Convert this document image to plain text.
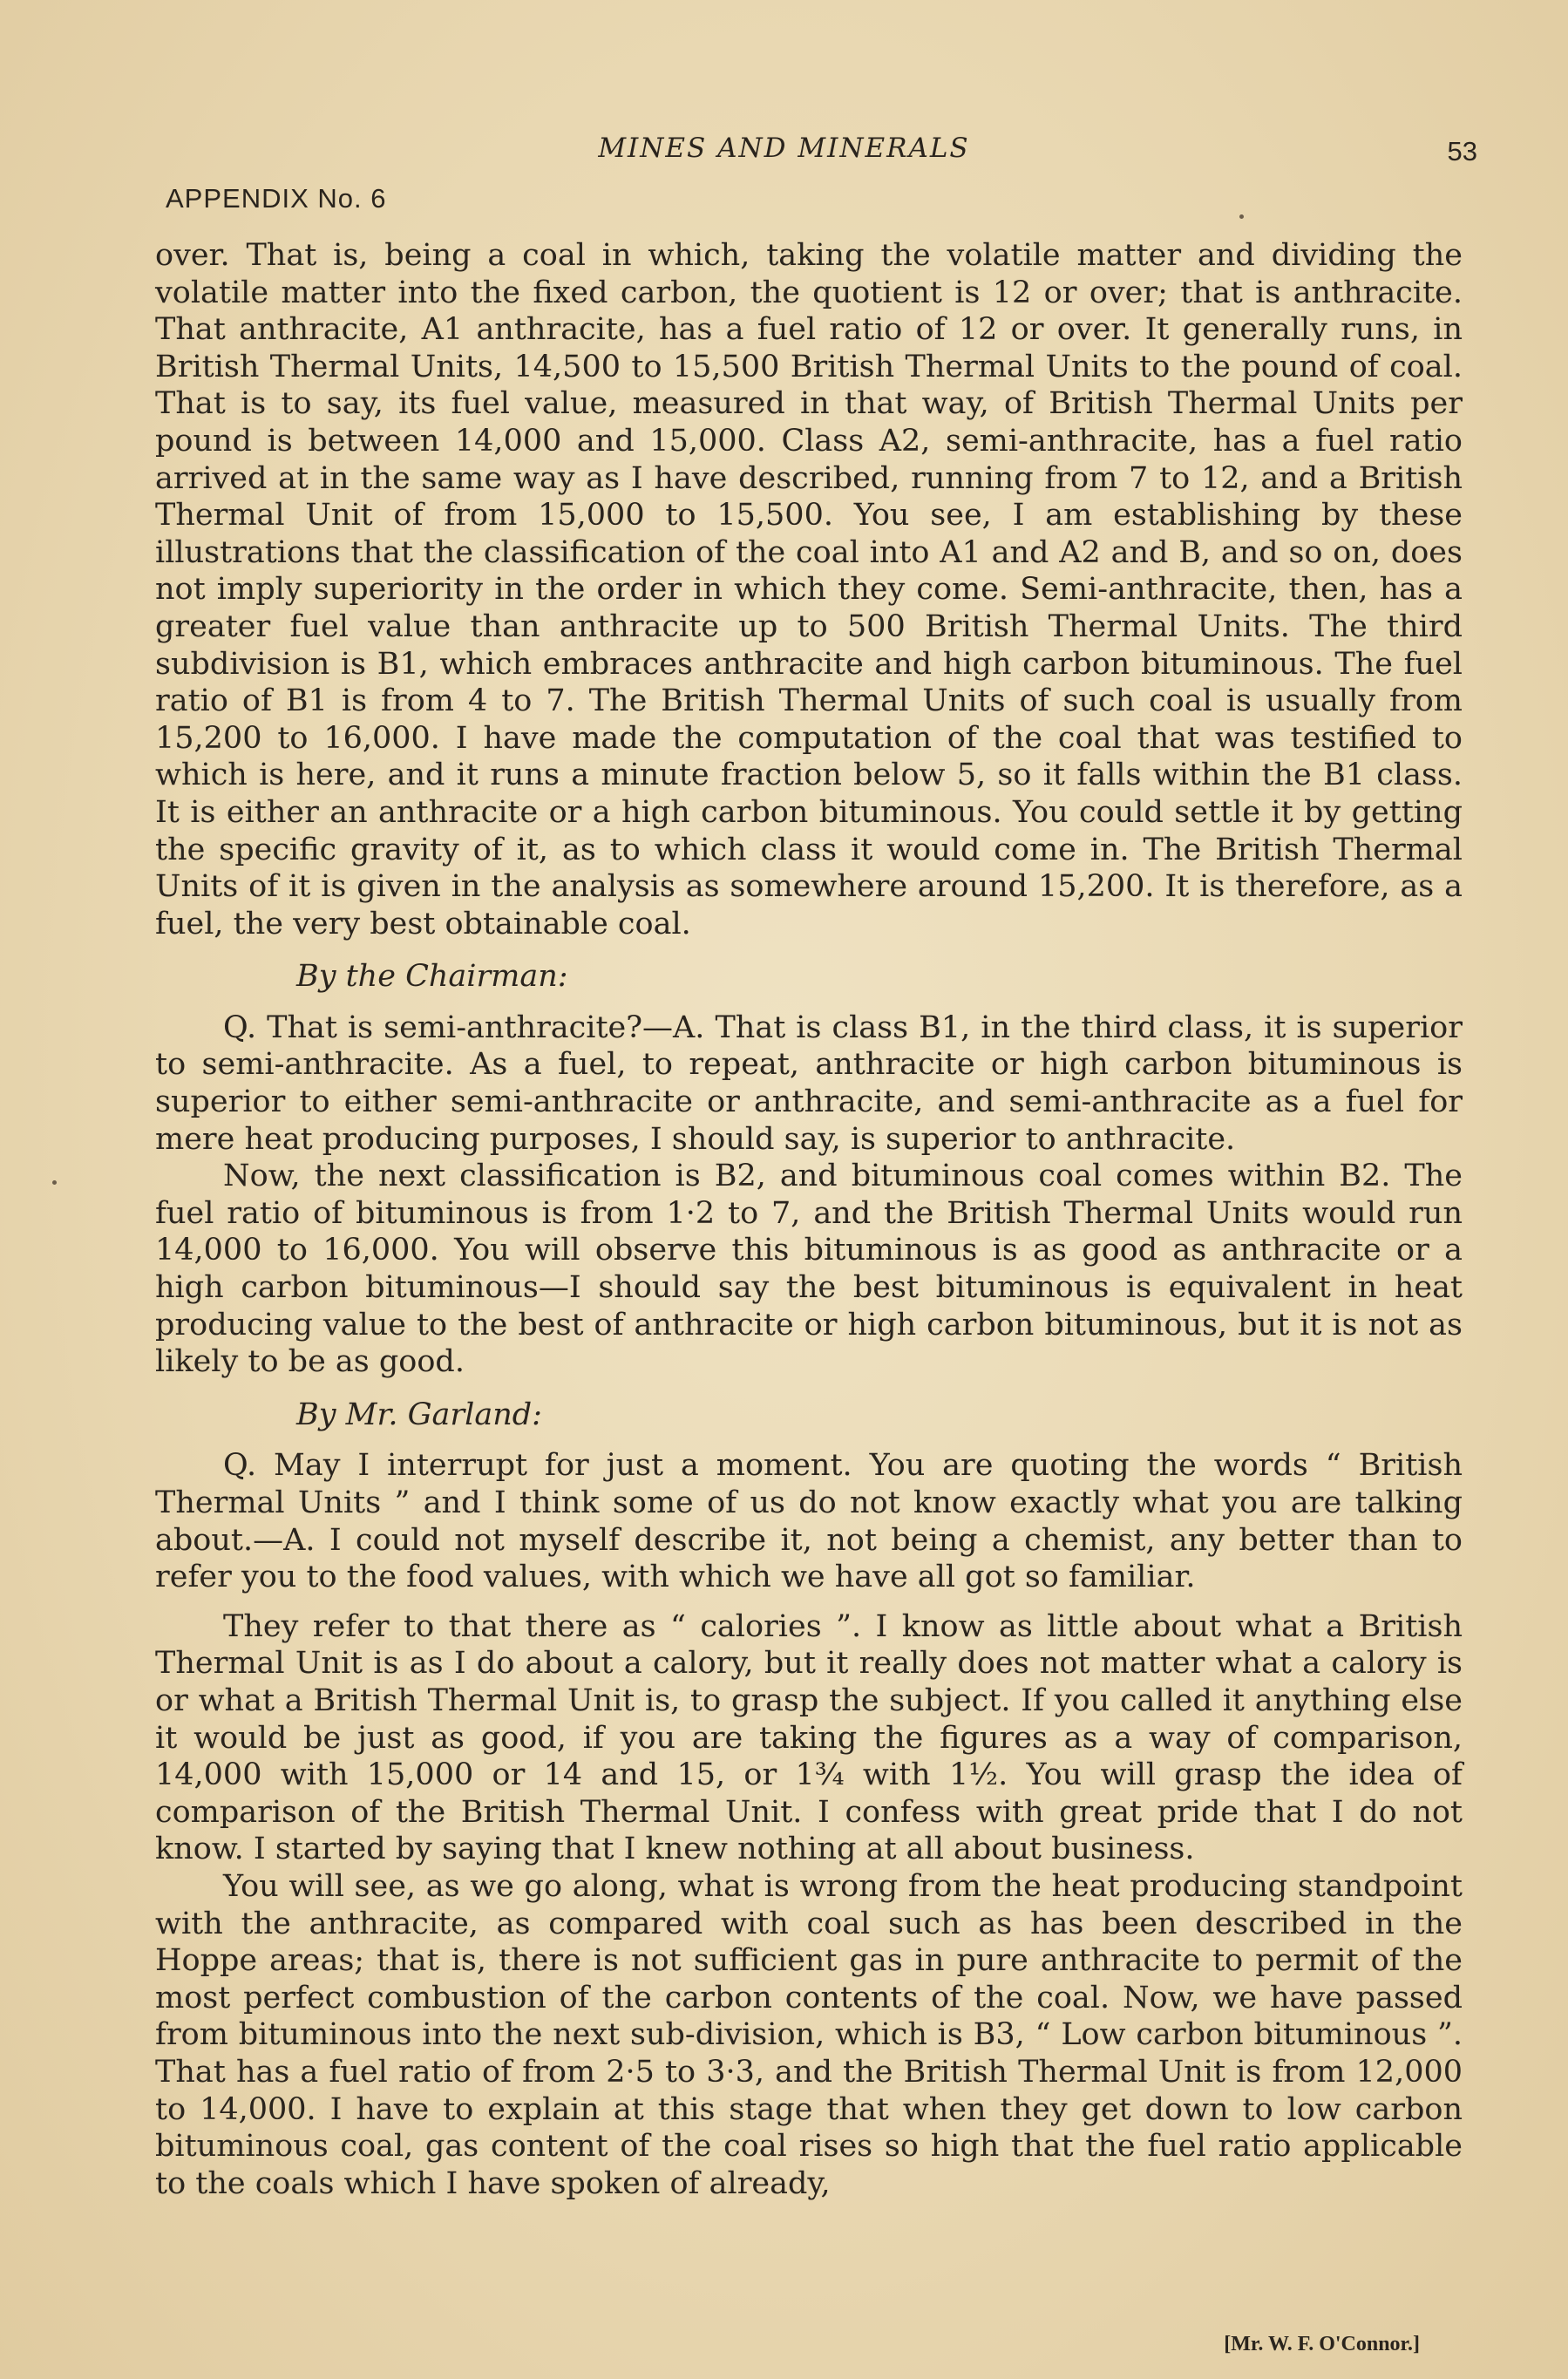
MINES AND MINERALS	53
APPENDIX No. 6

over. That is, being a coal in which, taking the volatile matter and dividing the volatile matter into the fixed carbon, the quotient is 12 or over; that is anthracite. That anthracite, A1 anthracite, has a fuel ratio of 12 or over. It generally runs, in British Thermal Units, 14,500 to 15,500 British Thermal Units to the pound of coal. That is to say, its fuel value, measured in that way, of British Thermal Units per pound is between 14,000 and 15,000. Class A2, semi-anthracite, has a fuel ratio arrived at in the same way as I have described, running from 7 to 12, and a British Thermal Unit of from 15,000 to 15,500. You see, I am establishing by these illustrations that the classification of the coal into A1 and A2 and B, and so on, does not imply superiority in the order in which they come. Semi-anthracite, then, has a greater fuel value than anthracite up to 500 British Thermal Units. The third subdivision is B1, which embraces anthracite and high carbon bituminous. The fuel ratio of B1 is from 4 to 7. The British Thermal Units of such coal is usually from 15,200 to 16,000. I have made the computation of the coal that was testified to which is here, and it runs a minute fraction below 5, so it falls within the B1 class. It is either an anthracite or a high carbon bituminous. You could settle it by getting the specific gravity of it, as to which class it would come in. The British Thermal Units of it is given in the analysis as somewhere around 15,200. It is therefore, as a fuel, the very best obtainable coal.

By the Chairman:

Q. That is semi-anthracite?—A. That is class B1, in the third class, it is superior to semi-anthracite. As a fuel, to repeat, anthracite or high carbon bituminous is superior to either semi-anthracite or anthracite, and semi-anthracite as a fuel for mere heat producing purposes, I should say, is superior to anthracite.

Now, the next classification is B2, and bituminous coal comes within B2. The fuel ratio of bituminous is from 1·2 to 7, and the British Thermal Units would run 14,000 to 16,000. You will observe this bituminous is as good as anthracite or a high carbon bituminous—I should say the best bituminous is equivalent in heat producing value to the best of anthracite or high carbon bituminous, but it is not as likely to be as good.

By Mr. Garland:

Q. May I interrupt for just a moment. You are quoting the words “ British Thermal Units ” and I think some of us do not know exactly what you are talking about.—A. I could not myself describe it, not being a chemist, any better than to refer you to the food values, with which we have all got so familiar.

They refer to that there as “ calories ”. I know as little about what a British Thermal Unit is as I do about a calory, but it really does not matter what a calory is or what a British Thermal Unit is, to grasp the subject. If you called it anything else it would be just as good, if you are taking the figures as a way of comparison, 14,000 with 15,000 or 14 and 15, or 1¾ with 1½. You will grasp the idea of comparison of the British Thermal Unit. I confess with great pride that I do not know. I started by saying that I knew nothing at all about business.

You will see, as we go along, what is wrong from the heat producing standpoint with the anthracite, as compared with coal such as has been described in the Hoppe areas; that is, there is not sufficient gas in pure anthracite to permit of the most perfect combustion of the carbon contents of the coal. Now, we have passed from bituminous into the next sub-division, which is B3, “ Low carbon bituminous ”. That has a fuel ratio of from 2·5 to 3·3, and the British Thermal Unit is from 12,000 to 14,000. I have to explain at this stage that when they get down to low carbon bituminous coal, gas content of the coal rises so high that the fuel ratio applicable to the coals which I have spoken of already,

[Mr. W. F. O'Connor.]
